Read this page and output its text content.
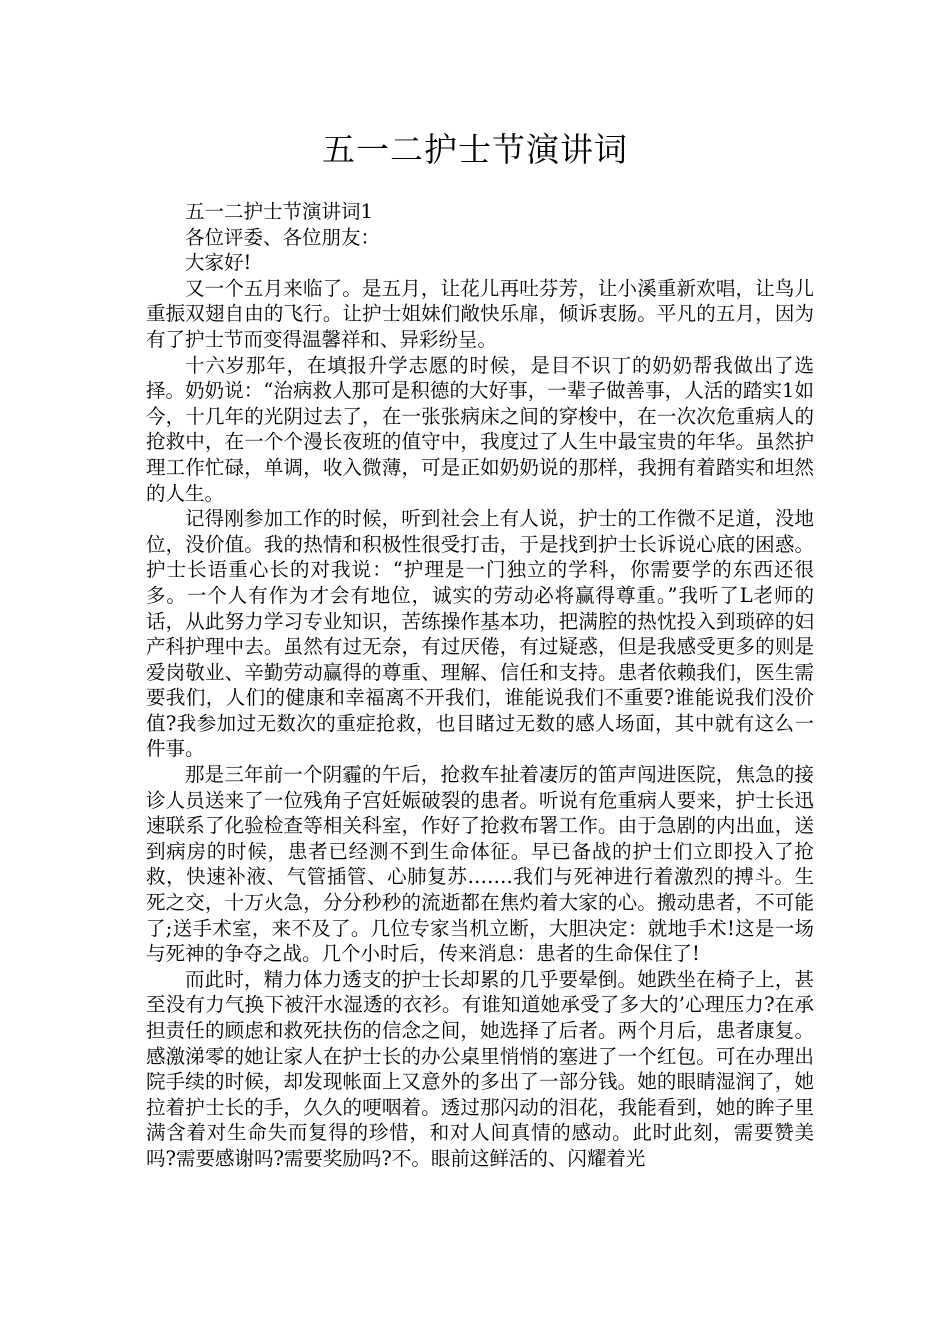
五一二护士节演讲词

五一二护士节演讲词1

各位评委、各位朋友：

大家好!

又一个五月来临了。是五月，让花儿再吐芬芳，让小溪重新欢唱，让鸟儿重振双翅自由的飞行。让护士姐妹们敞快乐扉，倾诉衷肠。平凡的五月，因为有了护士节而变得温馨祥和、异彩纷呈。

十六岁那年，在填报升学志愿的时候，是目不识丁的奶奶帮我做出了选择。奶奶说：“治病救人那可是积德的大好事，一辈子做善事，人活的踏实1如今，十几年的光阴过去了，在一张张病床之间的穿梭中，在一次次危重病人的抢救中，在一个个漫长夜班的值守中，我度过了人生中最宝贵的年华。虽然护理工作忙碌，单调，收入微薄，可是正如奶奶说的那样，我拥有着踏实和坦然的人生。

记得刚参加工作的时候，听到社会上有人说，护士的工作微不足道，没地位，没价值。我的热情和积极性很受打击，于是找到护士长诉说心底的困惑。护士长语重心长的对我说：“护理是一门独立的学科，你需要学的东西还很多。一个人有作为才会有地位，诚实的劳动必将赢得尊重。”我听了L老师的话，从此努力学习专业知识，苦练操作基本功，把满腔的热忱投入到琐碎的妇产科护理中去。虽然有过无奈，有过厌倦，有过疑惑，但是我感受更多的则是爱岗敬业、辛勤劳动赢得的尊重、理解、信任和支持。患者依赖我们，医生需要我们，人们的健康和幸福离不开我们，谁能说我们不重要?谁能说我们没价值?我参加过无数次的重症抢救，也目睹过无数的感人场面，其中就有这么一件事。

那是三年前一个阴霾的午后，抢救车扯着凄厉的笛声闯进医院，焦急的接诊人员送来了一位残角子宫妊娠破裂的患者。听说有危重病人要来，护士长迅速联系了化验检查等相关科室，作好了抢救布署工作。由于急剧的内出血，送到病房的时候，患者已经测不到生命体征。早已备战的护士们立即投入了抢救，快速补液、气管插管、心肺复苏…….我们与死神进行着激烈的搏斗。生死之交，十万火急，分分秒秒的流逝都在焦灼着大家的心。搬动患者，不可能了;送手术室，来不及了。几位专家当机立断，大胆决定：就地手术!这是一场与死神的争夺之战。几个小时后，传来消息：患者的生命保住了!

而此时，精力体力透支的护士长却累的几乎要晕倒。她跌坐在椅子上，甚至没有力气换下被汗水湿透的衣衫。有谁知道她承受了多大的’心理压力?在承担责任的顾虑和救死扶伤的信念之间，她选择了后者。两个月后，患者康复。感激涕零的她让家人在护士长的办公桌里悄悄的塞进了一个红包。可在办理出院手续的时候，却发现帐面上又意外的多出了一部分钱。她的眼睛湿润了，她拉着护士长的手，久久的哽咽着。透过那闪动的泪花，我能看到，她的眸子里满含着对生命失而复得的珍惜，和对人间真情的感动。此时此刻，需要赞美吗?需要感谢吗?需要奖励吗?不。眼前这鲜活的、闪耀着光
